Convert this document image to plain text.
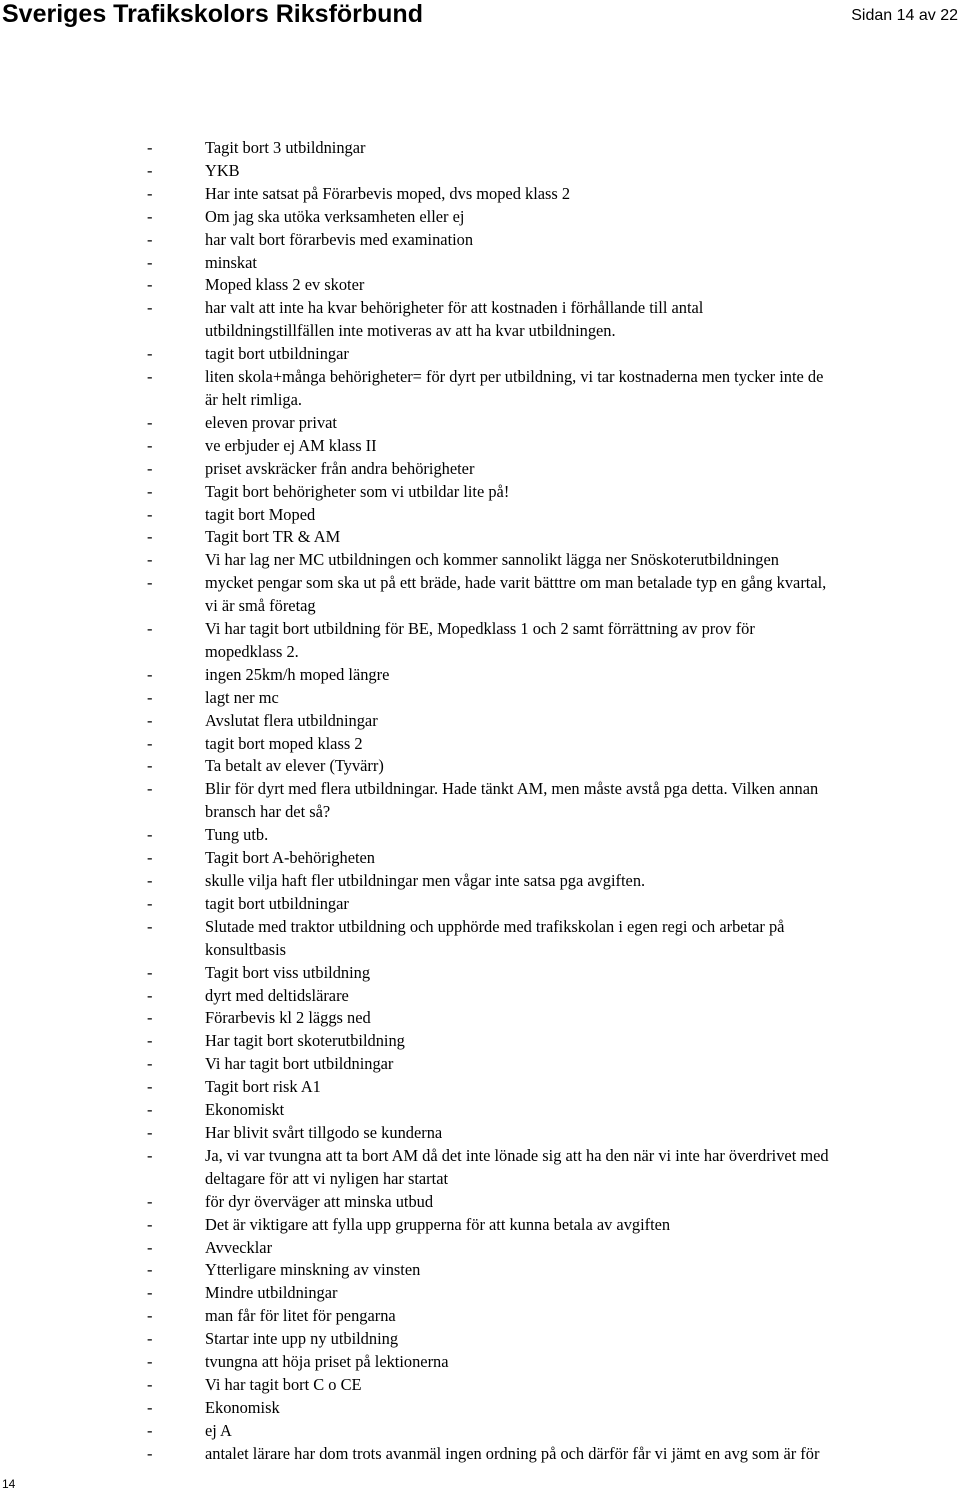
Sveriges Trafikskolors Riksförbund	Sidan 14 av 22
-	Tagit bort 3 utbildningar
-	YKB
-	Har inte satsat på Förarbevis moped, dvs moped klass 2
-	Om jag ska utöka verksamheten eller ej
-	har valt bort förarbevis med examination
-	minskat
-	Moped klass 2 ev skoter
-	har valt att inte ha kvar behörigheter för att kostnaden i förhållande till antal
utbildningstillfällen inte motiveras av att ha kvar utbildningen.
-	tagit bort utbildningar
-	liten skola+många behörigheter= för dyrt per utbildning, vi tar kostnaderna men tycker inte de
är helt rimliga.
-	eleven provar privat
-	ve erbjuder ej AM klass II
-	priset avskräcker från andra behörigheter
-	Tagit bort behörigheter som vi utbildar lite på!
-	tagit bort Moped
-	Tagit bort TR & AM
-	Vi har lag ner MC utbildningen och kommer sannolikt lägga ner Snöskoterutbildningen
-	mycket pengar som ska ut på ett bräde, hade varit bätttre om man betalade typ en gång kvartal,
vi är små företag
-	Vi har tagit bort utbildning för BE, Mopedklass 1 och 2 samt förrättning av prov för
mopedklass 2.
-	ingen 25km/h moped längre
-	lagt ner mc
-	Avslutat flera utbildningar
-	tagit bort moped klass 2
-	Ta betalt av elever (Tyvärr)
-	Blir för dyrt med flera utbildningar. Hade tänkt AM, men måste avstå pga detta. Vilken annan
bransch har det så?
-	Tung utb.
-	Tagit bort A-behörigheten
-	skulle vilja haft fler utbildningar men vågar inte satsa pga avgiften.
-	tagit bort utbildningar
-	Slutade med traktor utbildning och upphörde med trafikskolan i egen regi och arbetar på
konsultbasis
-	Tagit bort viss utbildning
-	dyrt med deltidslärare
-	Förarbevis kl 2 läggs ned
-	Har tagit bort skoterutbildning
-	Vi har tagit bort utbildningar
-	Tagit bort risk A1
-	Ekonomiskt
-	Har blivit svårt tillgodo se kunderna
-	Ja, vi var tvungna att ta bort AM då det inte lönade sig att ha den när vi inte har överdrivet med
deltagare för att vi nyligen har startat
-	för dyr överväger att minska utbud
-	Det är viktigare att fylla upp grupperna för att kunna betala av avgiften
-	Avvecklar
-	Ytterligare minskning av vinsten
-	Mindre utbildningar
-	man får för litet för pengarna
-	Startar inte upp ny utbildning
-	tvungna att höja priset på lektionerna
-	Vi har tagit bort C o CE
-	Ekonomisk
-	ej A
-	antalet lärare har dom trots avanmäl ingen ordning på och därför får vi jämt en avg som är för
14
